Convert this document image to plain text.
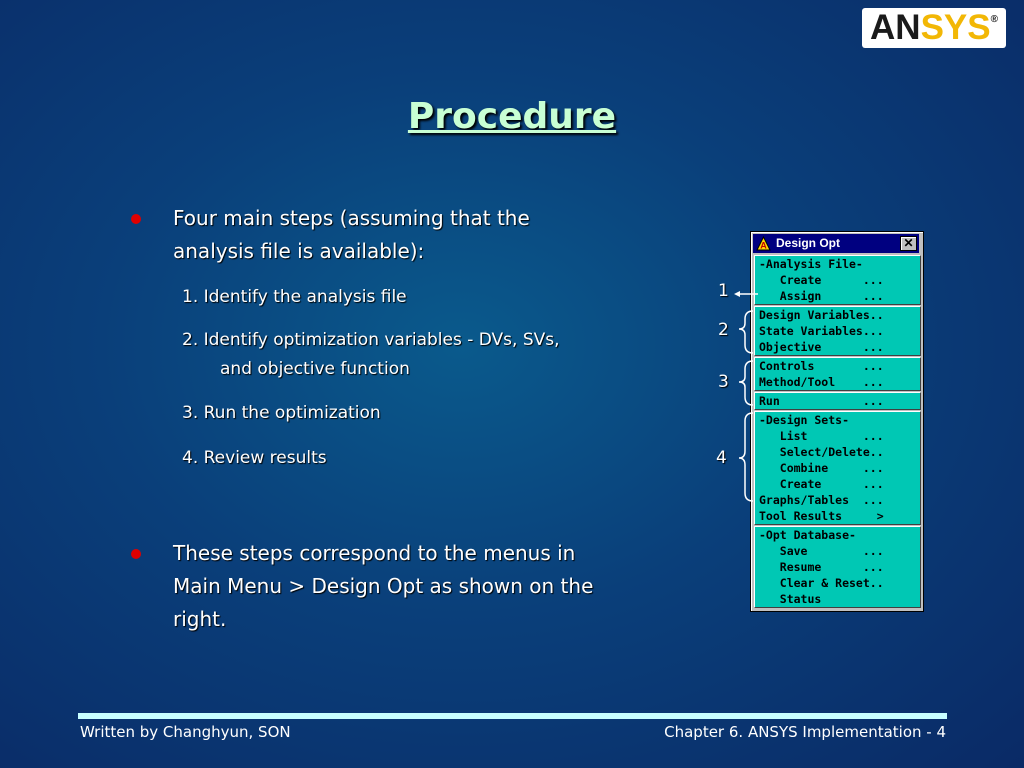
AN SYS ®
Procedure
Four main steps (assuming that the
analysis file is available):
1. Identify the analysis file
2. Identify optimization variables - DVs, SVs,
and objective function
3. Run the optimization
4. Review results
These steps correspond to the menus in
Main Menu > Design Opt as shown on the
right.
A Design Opt	✕
-Analysis File-
Create      ...
Assign      ...
Design Variables..
State Variables...
Objective      ...
Controls       ...
Method/Tool    ...
Run            ...
-Design Sets-
List        ...
Select/Delete..
Combine     ...
Create      ...
Graphs/Tables  ...
Tool Results     >
-Opt Database-
Save        ...
Resume      ...
Clear & Reset..
Status
1
2
3
4
Written by Changhyun, SON	Chapter 6. ANSYS Implementation - 4
